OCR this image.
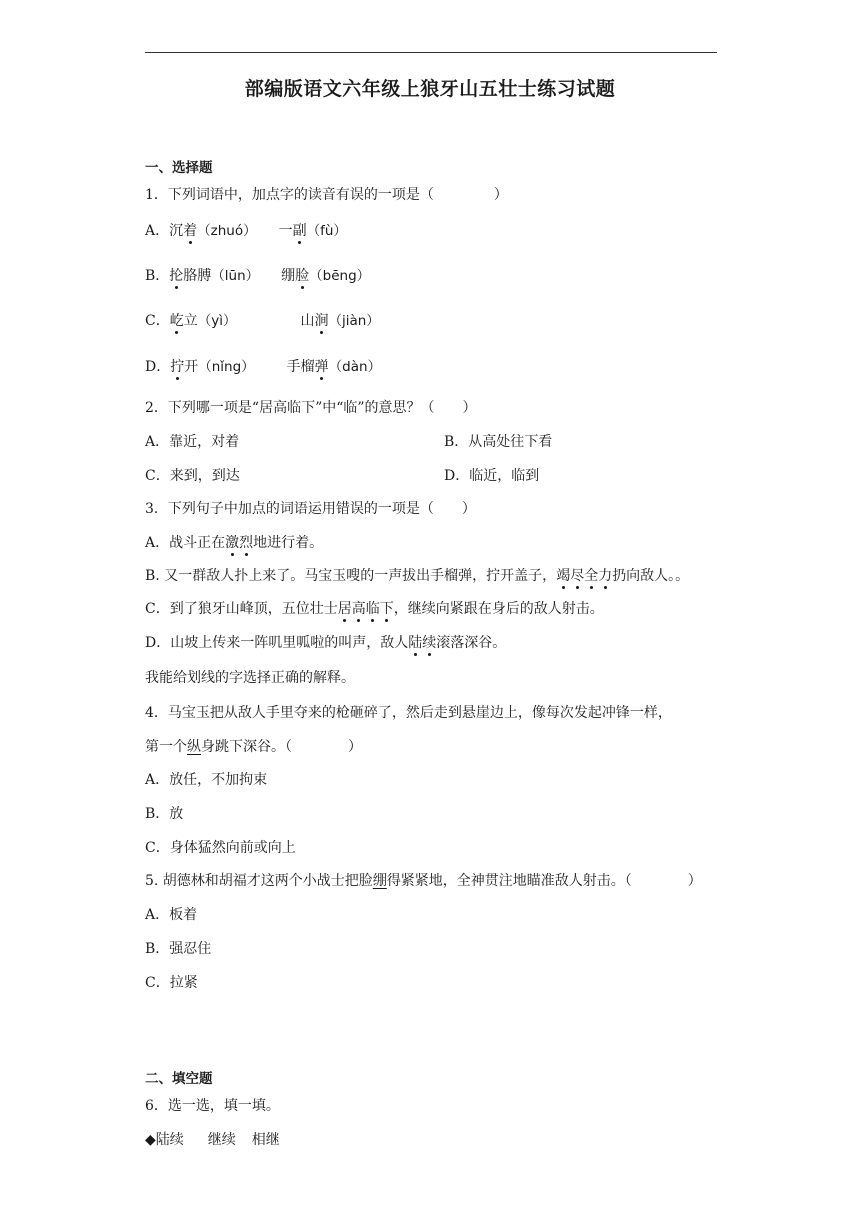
部编版语文六年级上狼牙山五壮士练习试题
一、选择题
1．下列词语中，加点字的读音有误的一项是（	）
A．沉着（zhuó） 一副（fù）
B．抡胳膊（lūn） 绷脸（bēng）
C．屹立（yì）	山涧（jiàn）
D．拧开（nǐng） 手榴弹（dàn）
2．下列哪一项是“居高临下”中“临”的意思？（　　）
A．靠近，对着	B．从高处往下看
C．来到，到达	D．临近，临到
3．下列句子中加点的词语运用错误的一项是（　　）
A．战斗正在激烈地进行着。
B. 又一群敌人扑上来了。马宝玉嗖的一声拔出手榴弹，拧开盖子，竭尽全力扔向敌人。。
C．到了狼牙山峰顶，五位壮士居高临下，继续向紧跟在身后的敌人射击。
D．山坡上传来一阵叽里呱啦的叫声，敌人陆续滚落深谷。
我能给划线的字选择正确的解释。
4．马宝玉把从敌人手里夺来的枪砸碎了，然后走到悬崖边上，像每次发起冲锋一样，
第一个纵身跳下深谷。（　　　　）
A．放任，不加拘束
B．放
C．身体猛然向前或向上
5. 胡德林和胡福才这两个小战士把脸绷得紧紧地，全神贯注地瞄准敌人射击。（　　　　）
A．板着
B．强忍住
C．拉紧
二、填空题
6．选一选，填一填。
◆陆续 继续 相继
